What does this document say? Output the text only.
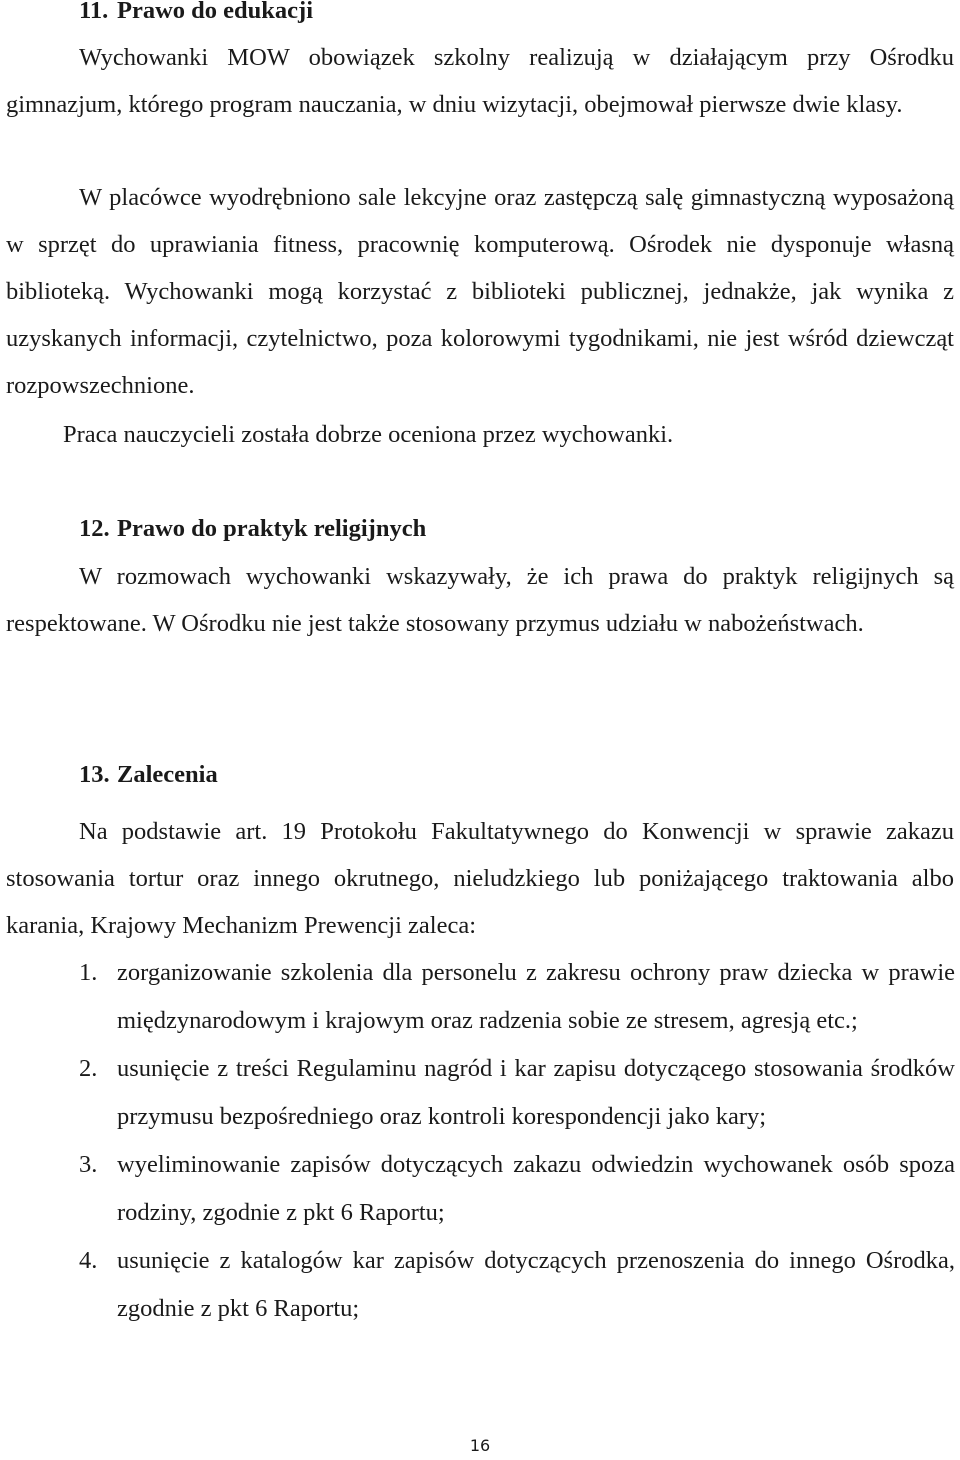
11. Prawo do edukacji

Wychowanki MOW obowiązek szkolny realizują w działającym przy Ośrodku gimnazjum, którego program nauczania, w dniu wizytacji, obejmował pierwsze dwie klasy.

W placówce wyodrębniono sale lekcyjne oraz zastępczą salę gimnastyczną wyposażoną w sprzęt do uprawiania fitness, pracownię komputerową. Ośrodek nie dysponuje własną biblioteką. Wychowanki mogą korzystać z biblioteki publicznej, jednakże, jak wynika z uzyskanych informacji, czytelnictwo, poza kolorowymi tygodnikami, nie jest wśród dziewcząt rozpowszechnione.

Praca nauczycieli została dobrze oceniona przez wychowanki.

12. Prawo do praktyk religijnych

W rozmowach wychowanki wskazywały, że ich prawa do praktyk religijnych są respektowane. W Ośrodku nie jest także stosowany przymus udziału w nabożeństwach.

13. Zalecenia

Na podstawie art. 19 Protokołu Fakultatywnego do Konwencji w sprawie zakazu stosowania tortur oraz innego okrutnego, nieludzkiego lub poniżającego traktowania albo karania, Krajowy Mechanizm Prewencji zaleca:

1. zorganizowanie szkolenia dla personelu z zakresu ochrony praw dziecka w prawie międzynarodowym i krajowym oraz radzenia sobie ze stresem, agresją etc.;
2. usunięcie z treści Regulaminu nagród i kar zapisu dotyczącego stosowania środków przymusu bezpośredniego oraz kontroli korespondencji jako kary;
3. wyeliminowanie zapisów dotyczących zakazu odwiedzin wychowanek osób spoza rodziny, zgodnie z pkt 6 Raportu;
4. usunięcie z katalogów kar zapisów dotyczących przenoszenia do innego Ośrodka, zgodnie z pkt 6 Raportu;
16
